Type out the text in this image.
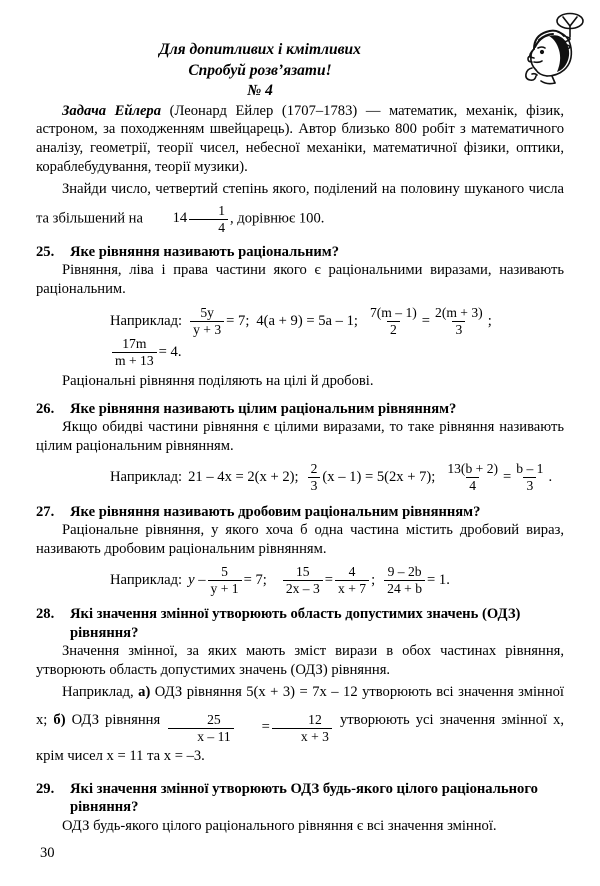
Для допитливих і кмітливих
Спробуй розв’язати!
№ 4

Задача Ейлера (Леонард Ейлер (1707–1783) — математик, механік, фізик, астроном, за походженням швейцарець). Автор близько 800 робіт з математичного аналізу, геометрії, теорії чисел, небесної механіки, математичної фізики, оптики, кораблебудування, теорії музики).

Знайди число, четвертий степінь якого, поділений на половину шуканого числа та збільшений на	$14 \frac{1}{4}$ , дорівнює 100.

25.	Яке рівняння називають раціональним?

Рівняння, ліва і права частини якого є раціональними виразами, називають раціональним.

Наприклад: $\frac{5y}{y + 3} = 7$; 4(a + 9) = 5a – 1; $\frac{7(m - 1)}{2} = \frac{2(m + 3)}{3}$ ;
$\frac{17m}{m + 13} = 4$.

Раціональні рівняння поділяють на цілі й дробові.

26.	Яке рівняння називають цілим раціональним рівнянням?

Якщо обидві частини рівняння є цілими виразами, то таке рівняння називають цілим раціональним рівнянням.

Наприклад: 21 – 4x = 2(x + 2); $\frac{2}{3} (x - 1) = 5(2x + 7)$; $\frac{13(b + 2)}{4} = \frac{b - 1}{3}$ .
27.	Яке рівняння називають дробовим раціональним рівнянням?

Раціональне рівняння, у якого хоча б одна частина містить дробовий вираз, називають дробовим раціональним рівнянням.

Наприклад: $y - \frac{5}{y + 1} = 7$; $\frac{15}{2x - 3} = \frac{4}{x + 7}$ ; $\frac{9 - 2b}{24 + b} = 1$.
28.	Які значення змінної утворюють область допустимих значень (ОДЗ) рівняння?

Значення змінної, за яких мають зміст вирази в обох частинах рівняння, утворюють область допустимих значень (ОДЗ) рівняння.

Наприклад, а) ОДЗ рівняння 5(x + 3) = 7x – 12 утворюють всі значення змінної x; б) ОДЗ рівняння $\frac{25}{x - 11}$	= $\frac{12}{x + 3}$ утворюють усі значення змінної x, крім чисел x = 11 та x = –3.

29.	Які значення змінної утворюють ОДЗ будь-якого цілого раціонального рівняння?

ОДЗ будь-якого цілого раціонального рівняння є всі значення змінної.

30
